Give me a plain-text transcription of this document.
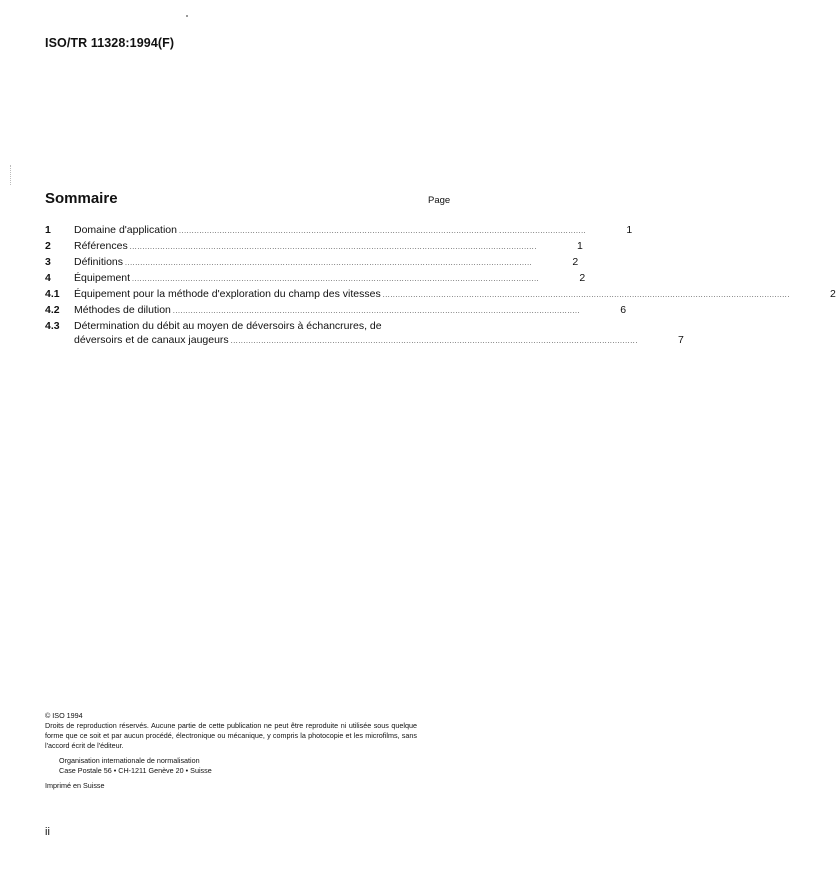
ISO/TR 11328:1994(F)
Sommaire	Page
1	Domaine d'application ................................................................................................................................................................	1
2	Références ................................................................................................................................................................	1
3	Définitions ................................................................................................................................................................	2
4	Équipement ................................................................................................................................................................	2
4.1	Équipement pour la méthode d'exploration du champ des vitesses ................................................................................................................................................................	2
4.2	Méthodes de dilution ................................................................................................................................................................	6
4.3	Détermination du débit au moyen de déversoirs à échancrures, de
déversoirs et de canaux jaugeurs ................................................................................................................................................................	7
© ISO 1994
Droits de reproduction réservés. Aucune partie de cette publication ne peut être reproduite ni utilisée sous quelque forme que ce soit et par aucun procédé, électronique ou mécanique, y compris la photocopie et les microfilms, sans l'accord écrit de l'éditeur.
Organisation internationale de normalisation
Case Postale 56 • CH-1211 Genève 20 • Suisse
Imprimé en Suisse
ii
